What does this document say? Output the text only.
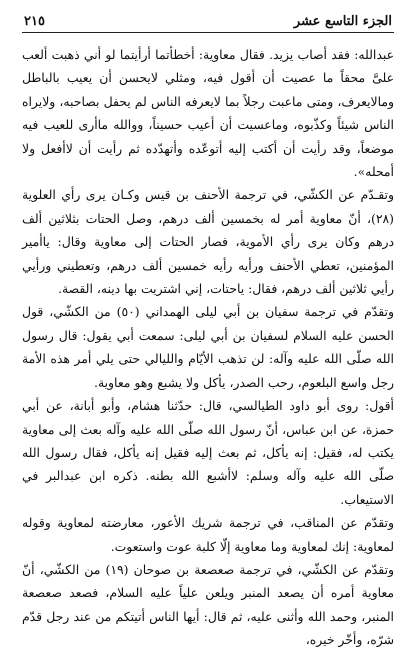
الجزء التاسع عشر
٢١٥

عبدالله: فقد أصاب يزيد. فقال معاوية: أخطأتما أرأيتما لو أني ذهبت ألعب علىَّ محقاً ما عصيت أن أقول فيه، ومثلي لايحسن أن يعيب بالباطل ومالايعرف، ومتى ماعبت رجلاً بما لايعرفه الناس لم يحفل بصاحبه، ولايراه الناس شيئاً وكذّبوه، وماعسيت أن أعيب حسيناً، ووالله ماأرى للعيب فيه موضعاً، وقد رأيت أن أكتب إليه أتوعّده وأتهدّده ثم رأيت أن لاأفعل ولا أمحله».

وتقـدّم عن الكشّي، في ترجمة الأحنف بن قيس وكـان يرى رأي العلوية (٢٨)، أنّ معاوية أمر له بخمسين ألف درهم، وصل الحتات بثلاثين ألف درهم وكان يرى رأي الأموية، فصار الحتات إلى معاوية وقال: ياأمير المؤمنين، تعطي الأحنف ورأيه رأيه خمسين ألف درهم، وتعطيني ورأيي رأيي ثلاثين ألف درهم، فقال: ياحتات، إني اشتريت بها دينه، القصة.

وتقدّم في ترجمة سفيان بن أبي ليلى الهمداني (٥٠) من الكشّي، قول الحسن عليه السلام لسفيان بن أبي ليلى: سمعت أبي يقول: قال رسول الله صلّى الله عليه وآله: لن تذهب الأيّام والليالي حتى يلي أمر هذه الأمة رجل واسع البلعوم، رحب الصدر، يأكل ولا يشبع وهو معاوية.

أقول: روى أبو داود الطيالسي، قال: حدّثنا هشام، وأبو أبانة، عن أبي حمزة، عن ابن عباس، أنّ رسول الله صلّى الله عليه وآله بعث إلى معاوية يكتب له، فقيل: إنه يأكل، ثم بعث إليه فقيل إنه يأكل، فقال رسول الله صلّى الله عليه وآله وسلم: لاأشبع الله بطنه. ذكره ابن عبدالبر في الاستيعاب.

وتقدّم عن المناقب، في ترجمة شريك الأعور، معارضته لمعاوية وقوله لمعاوية: إنك لمعاوية وما معاوية إلّا كلبة عوت واستعوت.

وتقدّم عن الكشّي، في ترجمة صعصعة بن صوحان (١٩) من الكشّي، أنّ معاوية أمره أن يصعد المنبر ويلعن علياً عليه السلام، فصعد صعصعة المنبر، وحمد الله وأثنى عليه، ثم قال: أيها الناس أتيتكم من عند رجل قدّم شرّه، وأخّر خيره،
